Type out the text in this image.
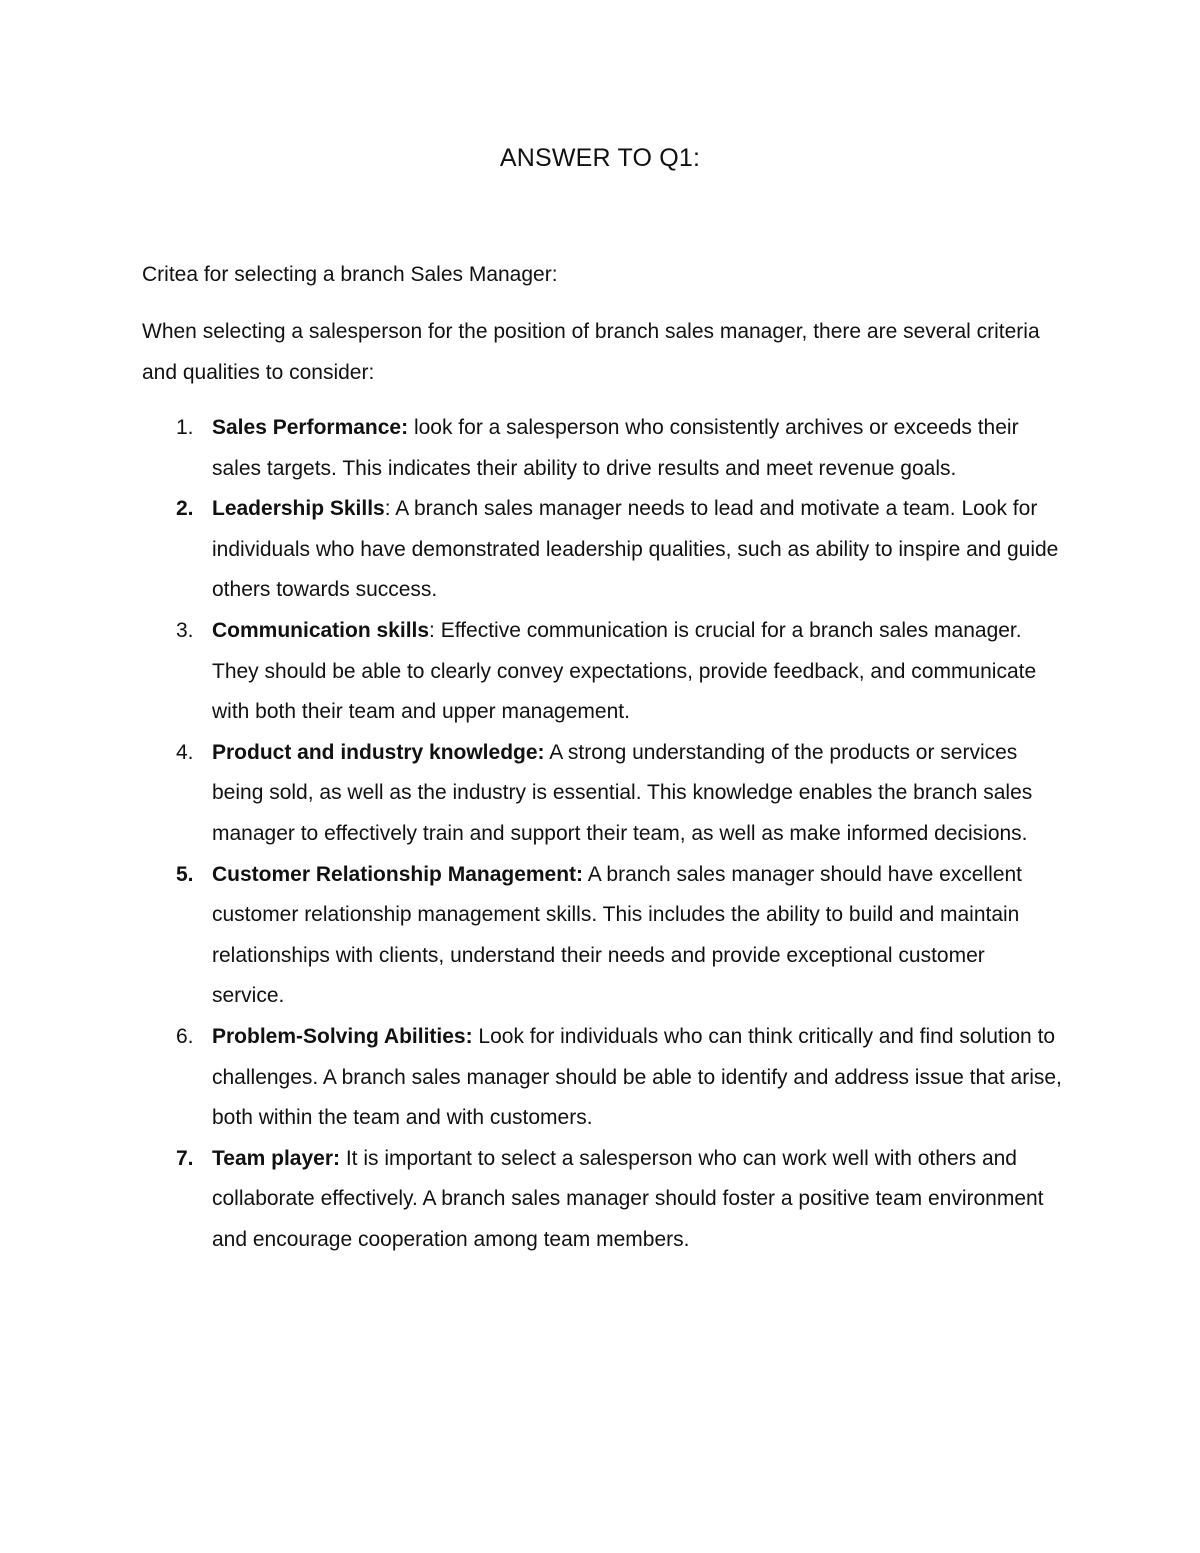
ANSWER TO Q1:

Critea for selecting a branch Sales Manager:

When selecting a salesperson for the position of branch sales manager, there are several criteria and qualities to consider:

1. Sales Performance: look for a salesperson who consistently archives or exceeds their sales targets. This indicates their ability to drive results and meet revenue goals.
2. Leadership Skills: A branch sales manager needs to lead and motivate a team. Look for individuals who have demonstrated leadership qualities, such as ability to inspire and guide others towards success.
3. Communication skills: Effective communication is crucial for a branch sales manager. They should be able to clearly convey expectations, provide feedback, and communicate with both their team and upper management.
4. Product and industry knowledge: A strong understanding of the products or services being sold, as well as the industry is essential. This knowledge enables the branch sales manager to effectively train and support their team, as well as make informed decisions.
5. Customer Relationship Management: A branch sales manager should have excellent customer relationship management skills. This includes the ability to build and maintain relationships with clients, understand their needs and provide exceptional customer service.
6. Problem-Solving Abilities: Look for individuals who can think critically and find solution to challenges. A branch sales manager should be able to identify and address issue that arise, both within the team and with customers.
7. Team player: It is important to select a salesperson who can work well with others and collaborate effectively. A branch sales manager should foster a positive team environment and encourage cooperation among team members.
